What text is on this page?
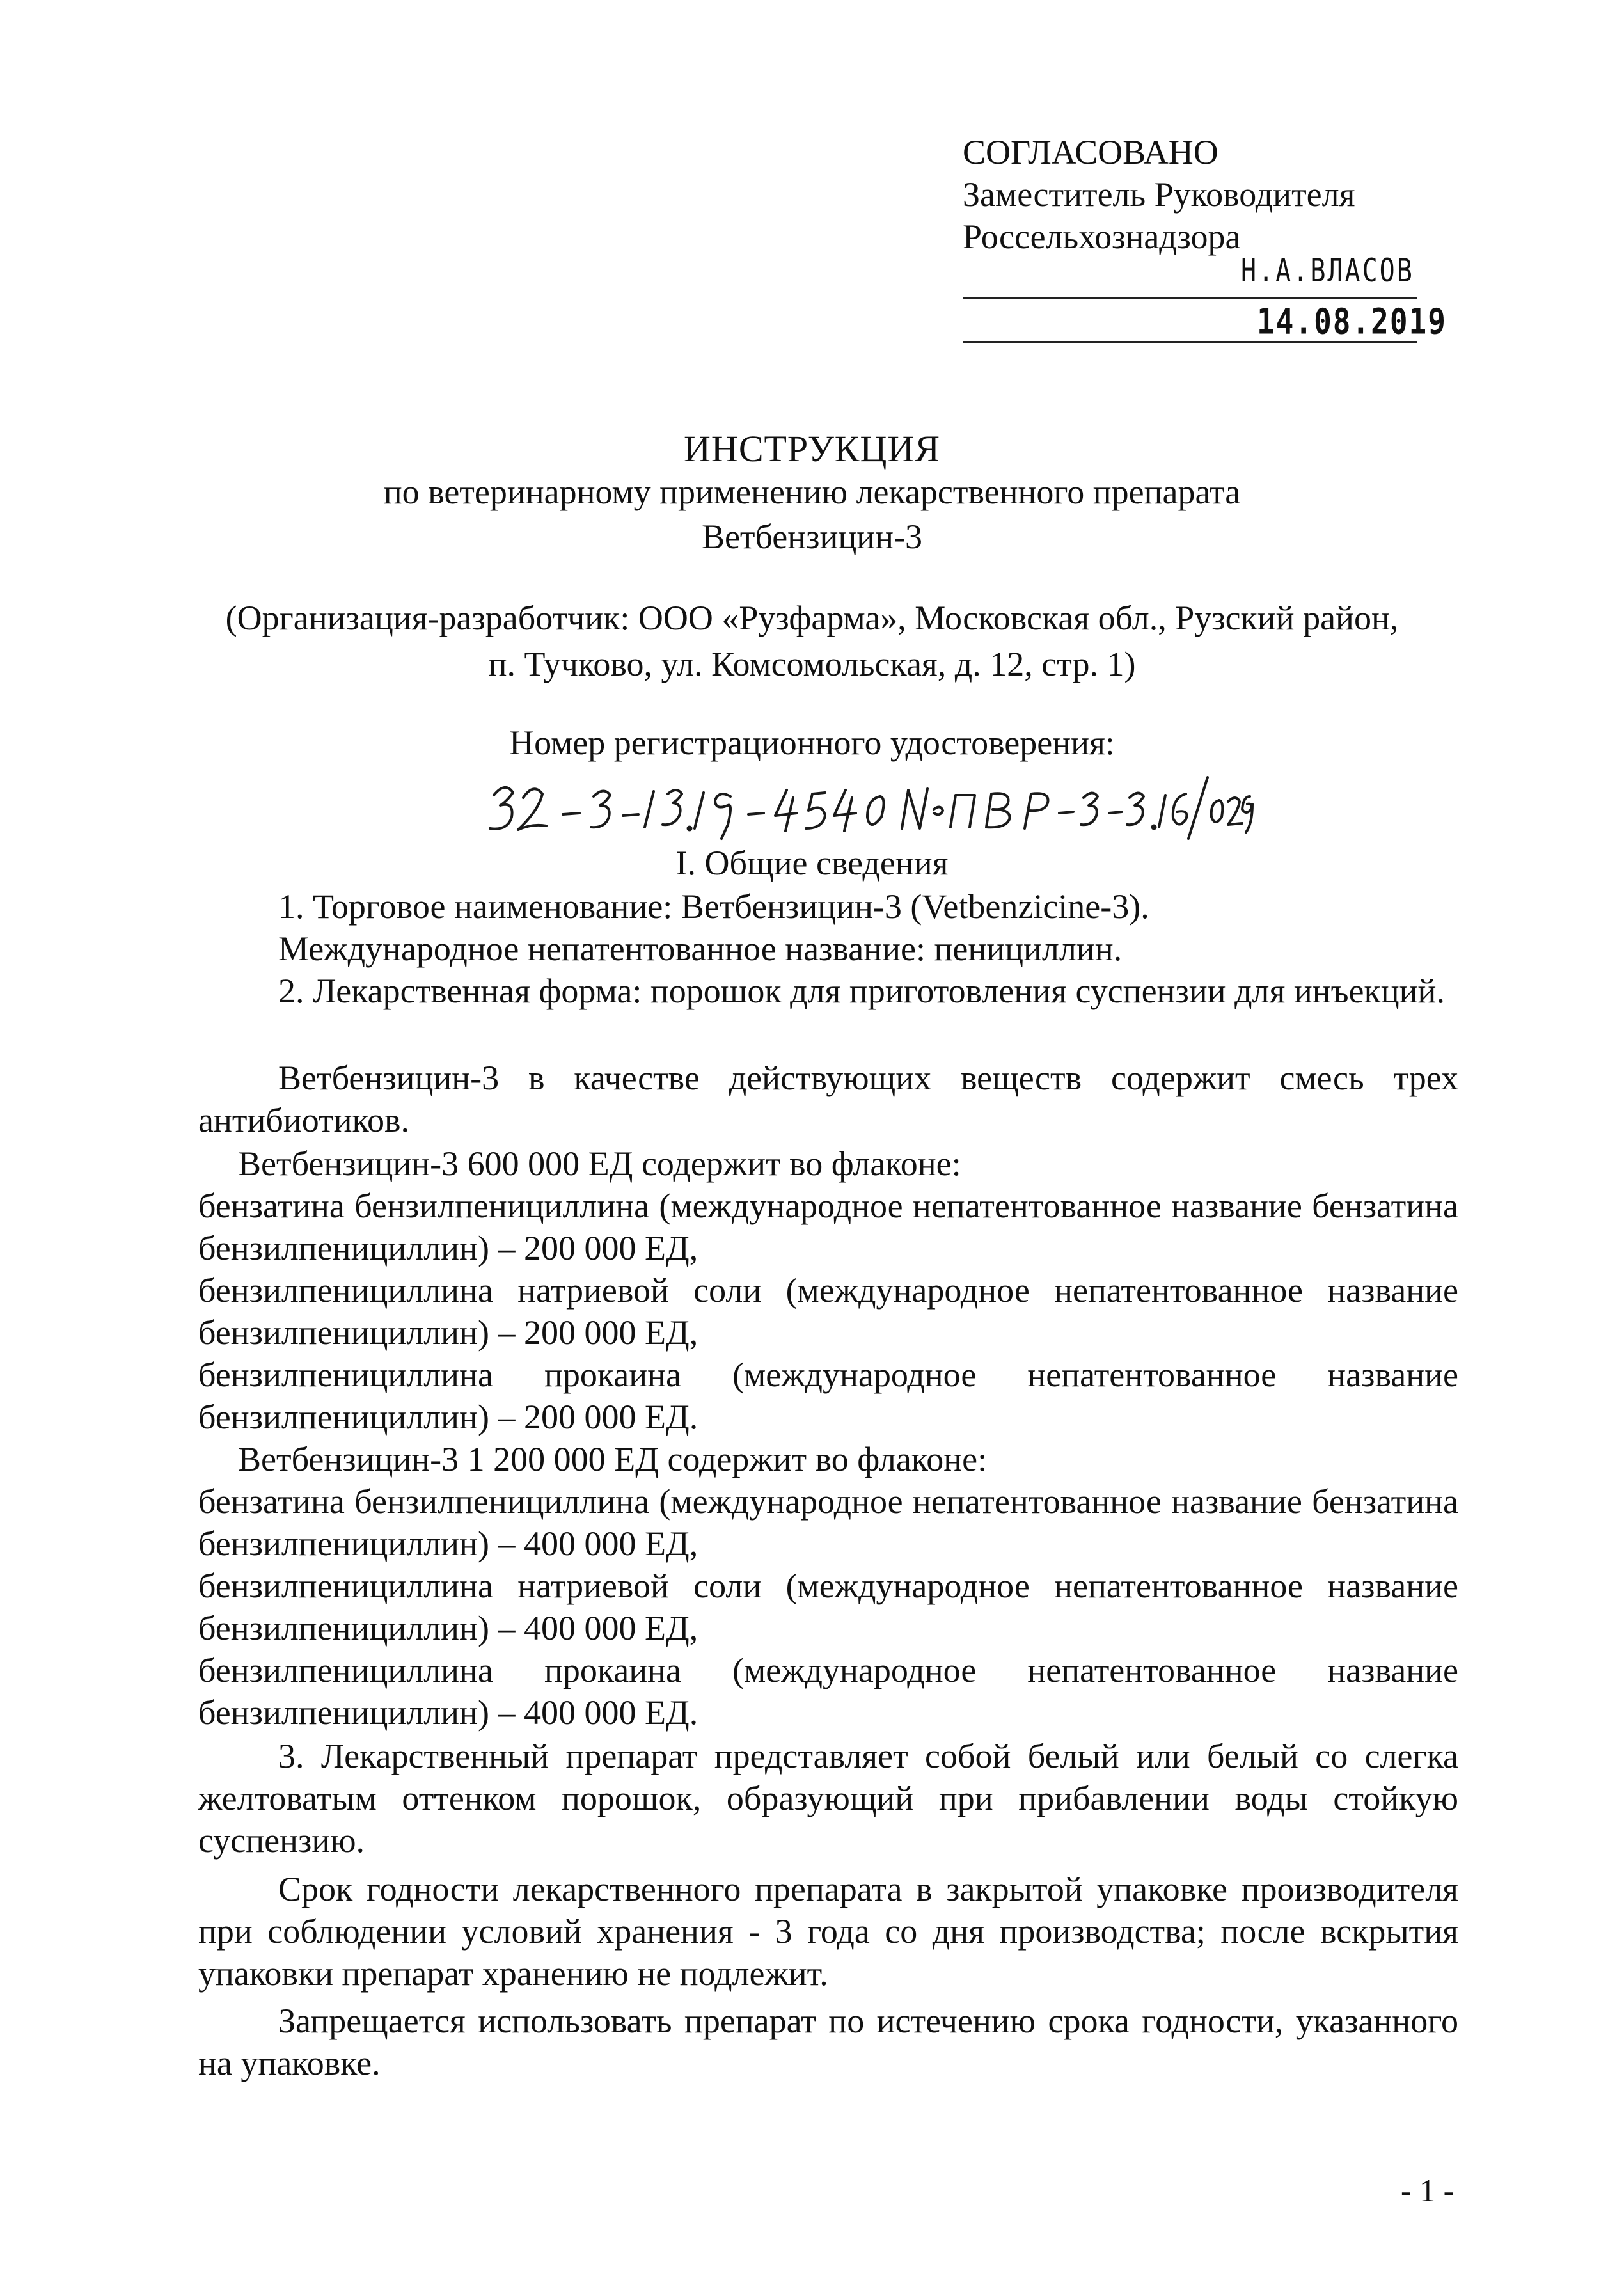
СОГЛАСОВАНО
Заместитель Руководителя
Россельхознадзора
Н.А.ВЛАСОВ
14.08.2019
ИНСТРУКЦИЯ
по ветеринарному применению лекарственного препарата
Ветбензицин-3
(Организация-разработчик: ООО «Рузфарма», Московская обл., Рузский район,
п. Тучково, ул. Комсомольская, д. 12, стр. 1)
Номер регистрационного удостоверения:
I. Общие сведения

1. Торговое наименование: Ветбензицин-3 (Vetbenzicine-3).

Международное непатентованное название: пенициллин.

2. Лекарственная форма: порошок для приготовления суспензии для инъекций.

Ветбензицин-3 в качестве действующих веществ содержит смесь трех антибиотиков.

Ветбензицин-3 600 000 ЕД содержит во флаконе:

бензатина бензилпенициллина (международное непатентованное название бензатина бензилпенициллин) – 200 000 ЕД,

бензилпенициллина натриевой соли (международное непатентованное название бензилпенициллин) – 200 000 ЕД,

бензилпенициллина прокаина (международное непатентованное название бензилпенициллин) – 200 000 ЕД.

Ветбензицин-3 1 200 000 ЕД содержит во флаконе:

бензатина бензилпенициллина (международное непатентованное название бензатина бензилпенициллин) – 400 000 ЕД,

бензилпенициллина натриевой соли (международное непатентованное название бензилпенициллин) – 400 000 ЕД,

бензилпенициллина прокаина (международное непатентованное название бензилпенициллин) – 400 000 ЕД.

3. Лекарственный препарат представляет собой белый или белый со слегка желтоватым оттенком порошок, образующий при прибавлении воды стойкую суспензию.

Срок годности лекарственного препарата в закрытой упаковке производителя при соблюдении условий хранения - 3 года со дня производства; после вскрытия упаковки препарат хранению не подлежит.

Запрещается использовать препарат по истечению срока годности, указанного на упаковке.

- 1 -
